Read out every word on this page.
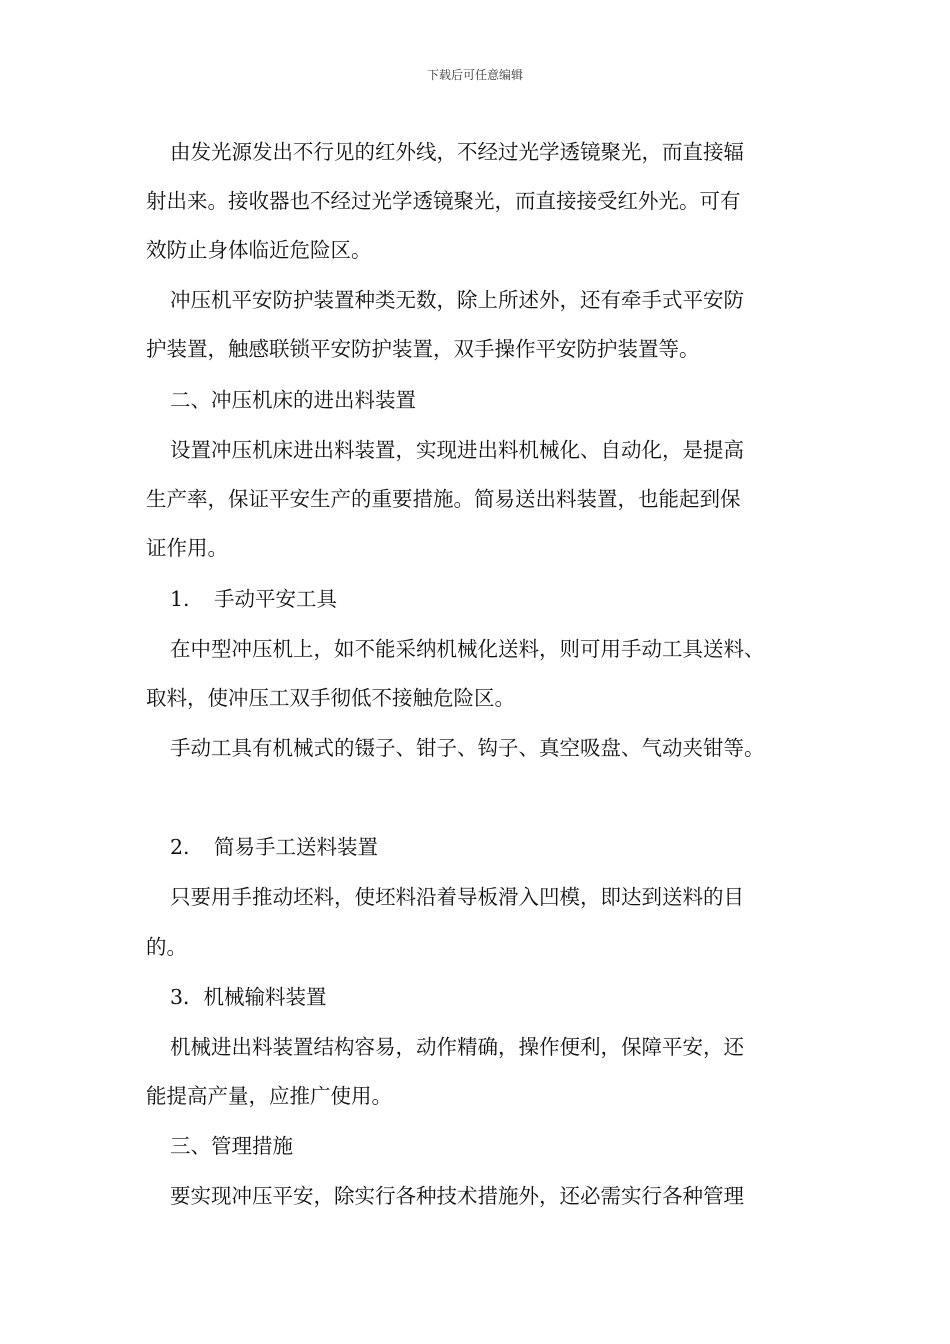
下载后可任意编辑
由发光源发出不行见的红外线，不经过光学透镜聚光，而直接辐
射出来。接收器也不经过光学透镜聚光，而直接接受红外光。可有
效防止身体临近危险区。
冲压机平安防护装置种类无数，除上所述外，还有牵手式平安防
护装置，触感联锁平安防护装置，双手操作平安防护装置等。
二、冲压机床的进出料装置
设置冲压机床进出料装置，实现进出料机械化、自动化，是提高
生产率，保证平安生产的重要措施。简易送出料装置，也能起到保
证作用。
1. 手动平安工具
在中型冲压机上，如不能采纳机械化送料，则可用手动工具送料、
取料，使冲压工双手彻低不接触危险区。
手动工具有机械式的镊子、钳子、钩子、真空吸盘、气动夹钳等。
2. 简易手工送料装置
只要用手推动坯料，使坯料沿着导板滑入凹模，即达到送料的目
的。
3．机械输料装置
机械进出料装置结构容易，动作精确，操作便利，保障平安，还
能提高产量，应推广使用。
三、管理措施
要实现冲压平安，除实行各种技术措施外，还必需实行各种管理
